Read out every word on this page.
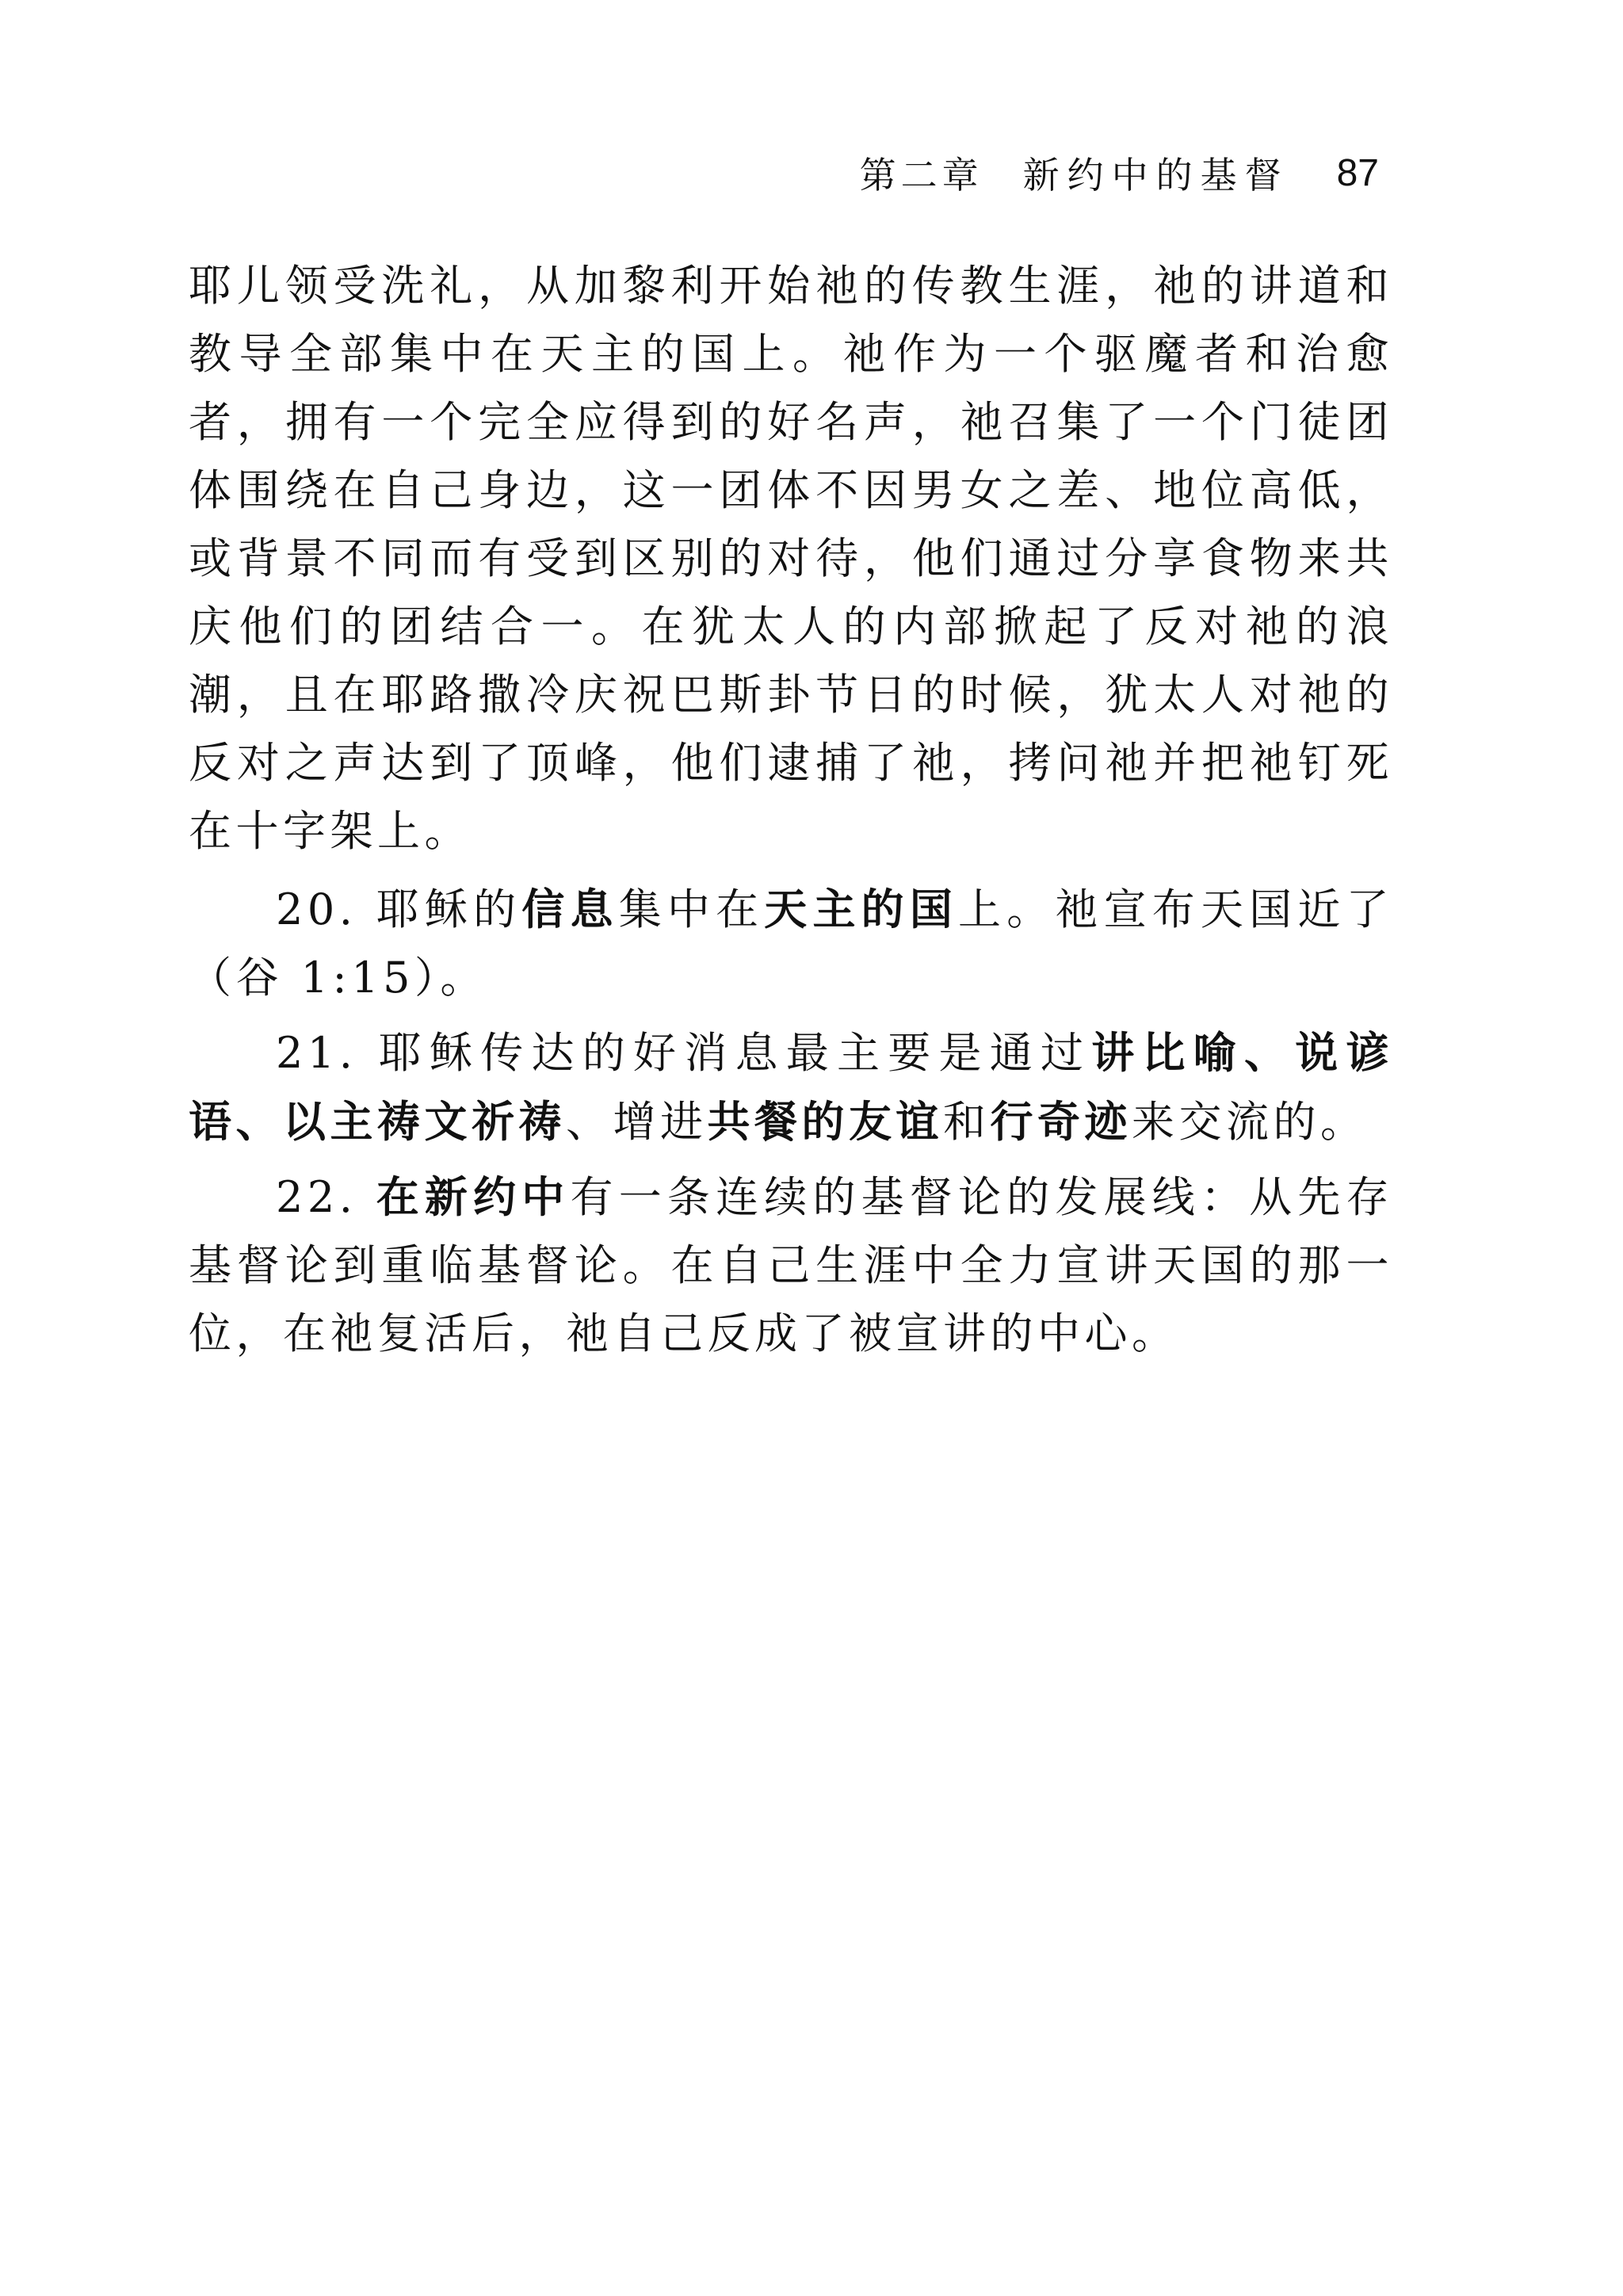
第二章 新约中的基督 87

耶儿领受洗礼，从加黎利开始祂的传教生涯，祂的讲道和教导全部集中在天主的国上。祂作为一个驱魔者和治愈者，拥有一个完全应得到的好名声，祂召集了一个门徒团体围绕在自己身边，这一团体不因男女之差、地位高低，或背景不同而有受到区别的对待，他们通过分享食物来共庆他们的团结合一。在犹太人的内部掀起了反对祂的浪潮，且在耶路撒冷庆祝巴斯卦节日的时候，犹太人对祂的反对之声达到了顶峰，他们逮捕了祂，拷问祂并把祂钉死在十字架上。

20. 耶稣的信息集中在天主的国上。祂宣布天国近了（谷 1:15）。

21. 耶稣传达的好消息最主要是通过讲比喻、说谚语、以主祷文祈祷、增进共餐的友谊和行奇迹来交流的。

22. 在新约中有一条连续的基督论的发展线：从先存基督论到重临基督论。在自己生涯中全力宣讲天国的那一位，在祂复活后，祂自己反成了被宣讲的中心。
